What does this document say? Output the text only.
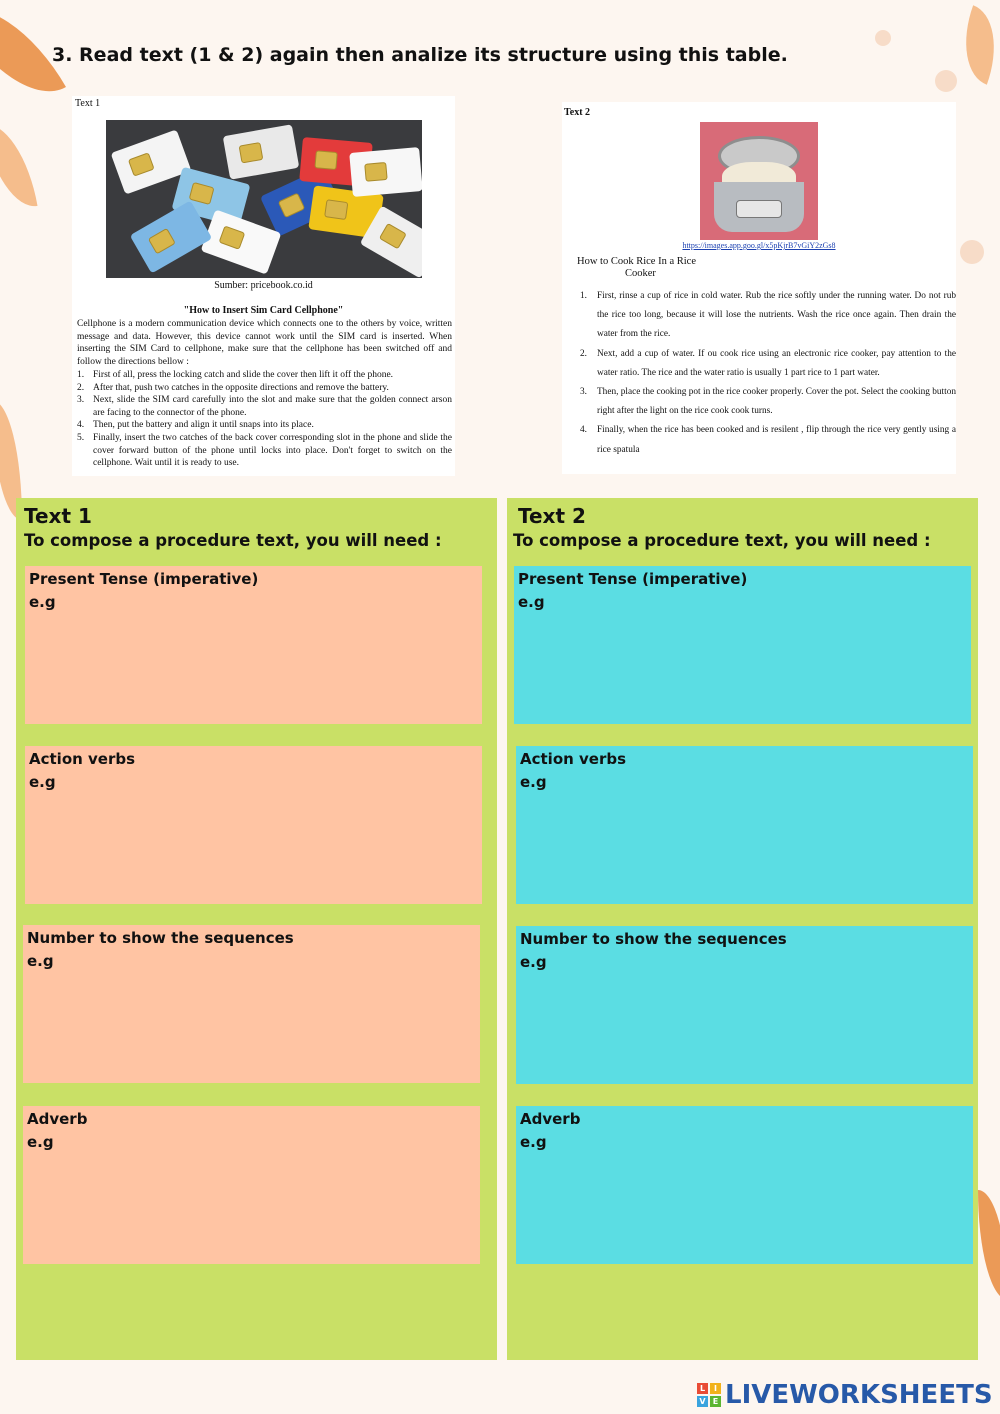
3. Read text (1 & 2) again then analize its structure using this table.
Text 1
Sumber: pricebook.co.id
"How to Insert Sim Card Cellphone"
Cellphone is a modern communication device which connects one to the others by voice, written message and data. However, this device cannot work until the SIM card is inserted. When inserting the SIM Card to cellphone, make sure that the cellphone has been switched off and follow the directions bellow :
1. First of all, press the locking catch and slide the cover then lift it off the phone.
2. After that, push two catches in the opposite directions and remove the battery.
3. Next, slide the SIM card carefully into the slot and make sure that the golden connect arson are facing to the connector of the phone.
4. Then, put the battery and align it until snaps into its place.
5. Finally, insert the two catches of the back cover corresponding slot in the phone and slide the cover forward button of the phone until locks into place. Don't forget to switch on the cellphone. Wait until it is ready to use.
Text 2
https://images.app.goo.gl/x5pKjrB7vGiY2zGs8
How to Cook Rice In a Rice
Cooker
1.	First, rinse a cup of rice in cold water. Rub the rice softly under the running water. Do not rub the rice too long, because it will lose the nutrients. Wash the rice once again. Then drain the water from the rice.
2.	Next, add a cup of water. If ou cook rice using an electronic rice cooker, pay attention to the water ratio. The rice and the water ratio is usually 1 part rice to 1 part water.
3.	Then, place the cooking pot in the rice cooker properly. Cover the pot. Select the cooking button right after the light on the rice cook cook turns.
4.	Finally, when the rice has been cooked and is resilent , flip through the rice very gently using a rice spatula
Text 1
To compose a procedure text, you will need :
Present Tense (imperative)
e.g
Action verbs
e.g
Number to show the sequences
e.g
Adverb
e.g
Text 2
To compose a procedure text, you will need :
Present Tense (imperative)
e.g
Action verbs
e.g
Number to show the sequences
e.g
Adverb
e.g
L	I
V E LIVEWORKSHEETS
